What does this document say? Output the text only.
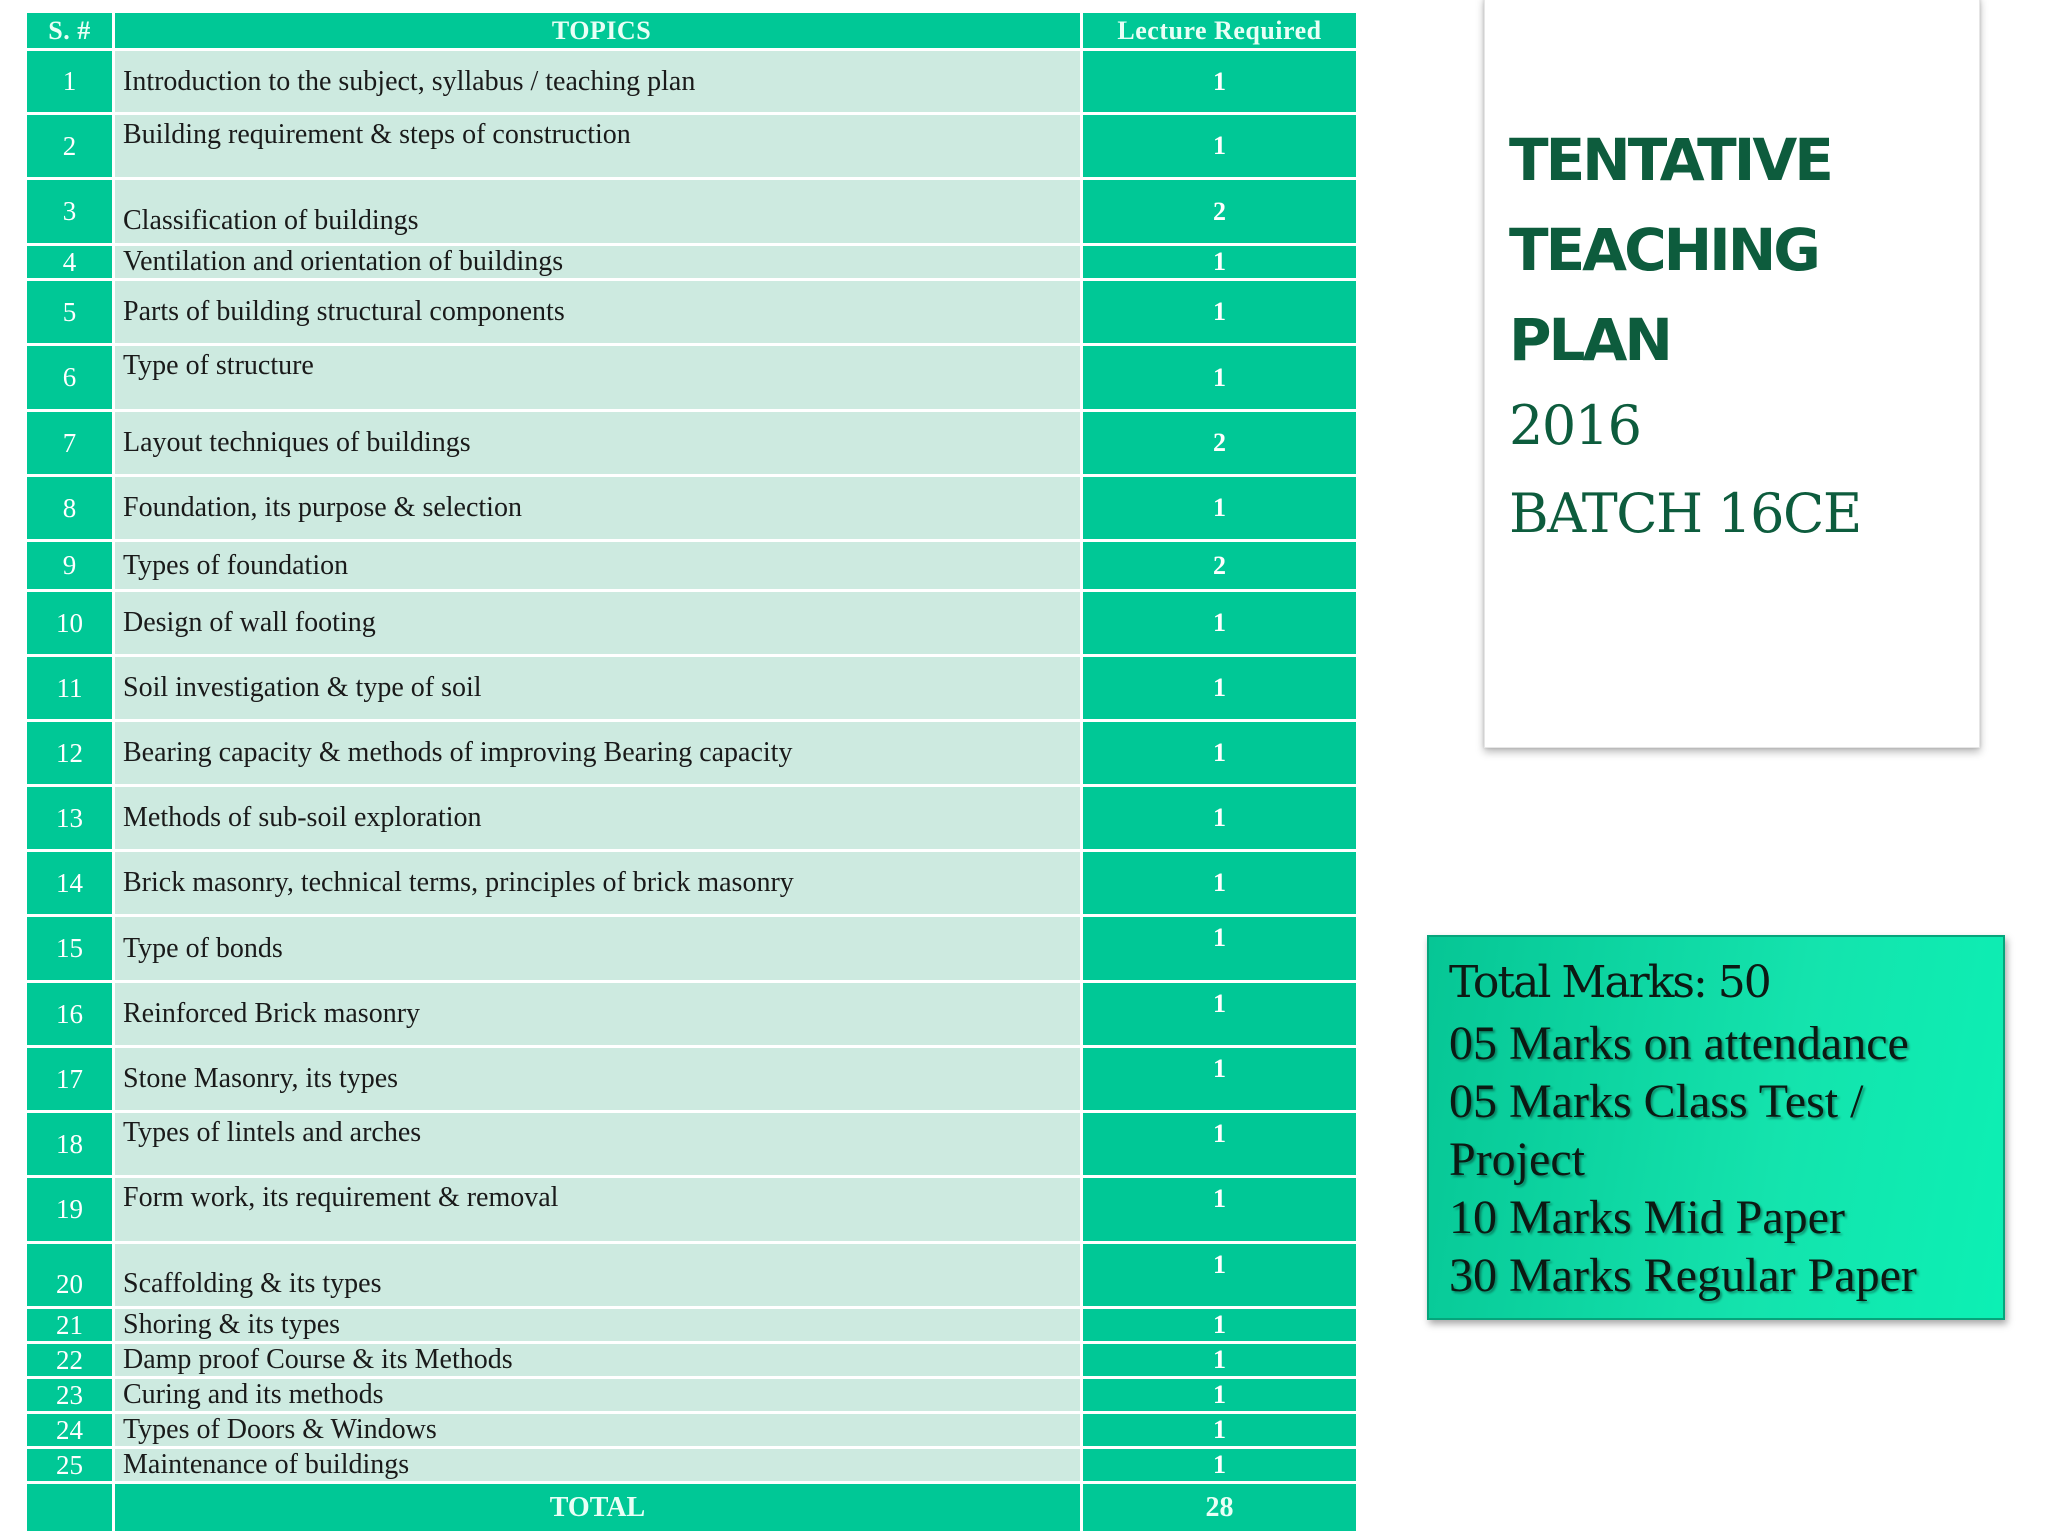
S. #	TOPICS	Lecture Required
1	Introduction to the subject, syllabus / teaching plan	1
2	Building requirement & steps of construction	1
3	Classification of buildings	2
4	Ventilation and orientation of buildings	1
5	Parts of building structural components	1
6	Type of structure	1
7	Layout techniques of buildings	2
8	Foundation, its purpose & selection	1
9	Types of foundation	2
10	Design of wall footing	1
11	Soil investigation & type of soil	1
12	Bearing capacity & methods of improving Bearing capacity	1
13	Methods of sub-soil exploration	1
14	Brick masonry, technical terms, principles of brick masonry	1
15	Type of bonds	1
16	Reinforced Brick masonry	1
17	Stone Masonry, its types	1
18	Types of lintels and arches	1
19	Form work, its requirement & removal	1
20	Scaffolding & its types	1
21	Shoring & its types	1
22	Damp proof Course & its Methods	1
23	Curing and its methods	1
24	Types of Doors & Windows	1
25	Maintenance of buildings	1
	TOTAL	28
TENTATIVE
TEACHING
PLAN

2016
BATCH 16CE

Total Marks: 50

05 Marks on attendance
05 Marks Class Test /
Project
10 Marks Mid Paper
30 Marks Regular Paper
